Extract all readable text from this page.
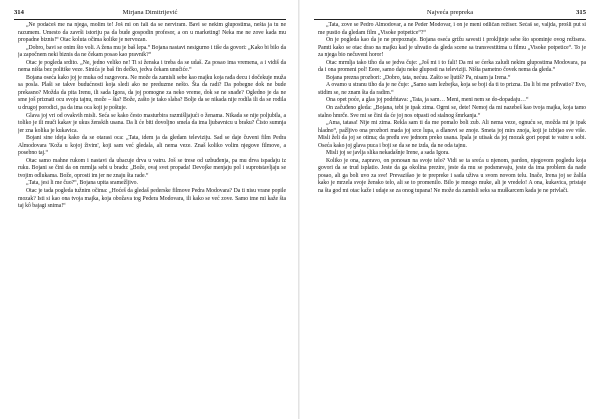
314	Mirjana Dimitrijević

„Ne podaćeš me na njega, molim te! Još mi on fali da se nerviram. Bavi se nekim glupostima, nešta ja tu ne razumem. Umesto da završi istoriju pa da bude gospodin profesor, a on u marketing! Neka me ne zove kada mu propadne biznis!“ Otac koluta očima kolike je nervozan.

„Dobro, bavi se onim što voli. A žena mu je baš lepa.“ Bojana nastavi nesigurno i tiše da govori: „Kako bi bilo da ja započnem neki biznis da ne čekam posao kao pravnik?“

Otac je pogleda srdito. „Ne, jedno veliko ne! Ti si ženska i treba da se udaš. Za posao ima vremena, a i vidiš da nema ništa bez politike veze. Sinića je baš fin dečko, jedva čekam unučiće.“

Bojana oseća kako joj je muka od razgovora. Ne može da zamisli sebe kao majku koja rađa decu i dočekuje muža sa posla. Plaši se takve budućnosti koja sledi ako ne preduzme nešto. Šta da radi? Da pobegne dok ne bude prekasno? Možda da pita Irenu, ili sada Igora, da joj pomogne za neko vreme, dok se ne snađe? Ogledno je da ne sme još priznati ocu svoju tajnu, može – šta? Bože, zašto je tako slaba? Bolje da se nikada nije rodila ili da se rodila u drugoj porodici, pa da ima oca koji je poštuje.

Glava joj vri od ovakvih misli. Seća se kako često masturbira razmišljajući o ženama. Nikada se nije poljubila, a toliko je ili muči kakav je ukus ženskih usana. Da li će biti dovoljno smela da ima ljubavnicu u braku? Čisto sumnja jer zna kolika je kukavica.

Bojani sine ideja kako da se otarasi oca: „Tata, idem ja da gledam televiziju. Sad se daje čuveni film Pedra Almodovara 'Koža u kojoj živim', koji sam već gledala, ali nema veze. Znaš koliko volim njegove filmove, a posebno taj.“

Otac samo mahne rukom i nastavi da ubacuje drva u vatru. Još se trese od uzbuđenja, pa mu drva ispadaju iz ruku. Bojani se čini da on mrmlja sebi u bradu: „Bože, ovaj svet propada! Devojke menjaju pol i suprotstavljaju se tvojim odlukama. Bože, oprosti im jer ne znaju šta rade.“

„Tata, jesi li me čuo?“, Bojana upita sramežljivo.

Otac je tada pogleda tužnim očima: „Hoćeš da gledaš pederske filmove Pedra Modovara? Da ti nisu vrane popile mozak? Isti si kao ona tvoja majka, koja obožava tog Pedera Modovara, ili kako se već zove. Samo ime mi kaže šta taj kô bajagi snima!“

Najveća prepreka	315

„Tata, zove se Pedro Almodovar, a ne Peder Modovar, i on je meni odličan režiser. Sećaš se, valjda, prošli put si me pustio da gledam film „Visoke potpetice“?“

On je pogleda kao da je ne prepoznaje. Bojana oseća grižu savesti i prokljinje sebe što spominje ovog režisera. Pamti kako se otac drao na majku kad je uhvatio da gleda scene sa transvestitima u filmu „Visoke potpetice“. To je za njega bio nečuveni horor!

Otac mrmlja tako tiho da se jedva čuje: „Još mi i to fali! Da mi se ćerka zaludi nekim glupostima Modovara, pa da i ona promeni pol! Eeee, samo daju neke gluposti na televiziji. Ništa pametno čovek nema da gleda.“

Bojana prezna prozbori: „Dobro, tata, nećuu. Zašto se ljutiš? Pa, nisam ja Irena.“

A ovamo u stranu tiho da je ne čuje: „Samo sam lezbejka, koja se boji da ti to prizna. Da li bi me prihvatio? Evo, stidim se, ne znam šta da radim.“

Ona opet poće, a glas joj podrhtava: „Tata, ja sam… Meni, meni nem se do-dopadaju…“

On začuđeno gleda: „Bojana, tebi je ipak zima. Ogrni se, dete! Nemoj da mi nazebeš kao tvoja majka, koja tamo stalno hmrče. Sve mi se čini da će joj nos otpasti od stalnog šmrkanja.“

„Ama, tatasa! Nije mi zima. Rekla sam ti da me pomalo boli zub. Ali nema veze, ognuću se, možda mi je ipak hladno“, pažljivo ona prozbori mada joj srce lupa, a dlanovi se znoje. Smeta joj mirs znoja, koji je izbijao sve više. Misli želi da joj se otima; da pređu sve jednom preko usana. Ipala je utisak da joj mozak gori poput te vatre u sobi. Oseća kako joj glava puca i boji se da se ne izda, da ne oda tajnu.

Misli joj se javlja slika nekadašnje Irene, a sada Igora.

Koliko je ona, zapravo, on ponosan na svoje telo? Vidi se ta sreća u njenom, pardon, njegovom pogledu koja govori da se trud isplatio. Jeste da ga okolina prezire, jeste da mu se podsmevaju, jeste da ima problem da nađe posao, ali ga boli uvo za sve! Prevazišao je te prepreke i sada uživa u svom novom telu. Inače, Irena joj se žalila kako je mrzela svoje žensko telo, ali se to promenilo. Bilo je mnogo muke, ali je vredelo! A ona, kukavica, pristaje na šta god mi otac kaže i udaje se za onog tupana! Ne može da zamisli seks sa muškarcem kada je ne privlači.
